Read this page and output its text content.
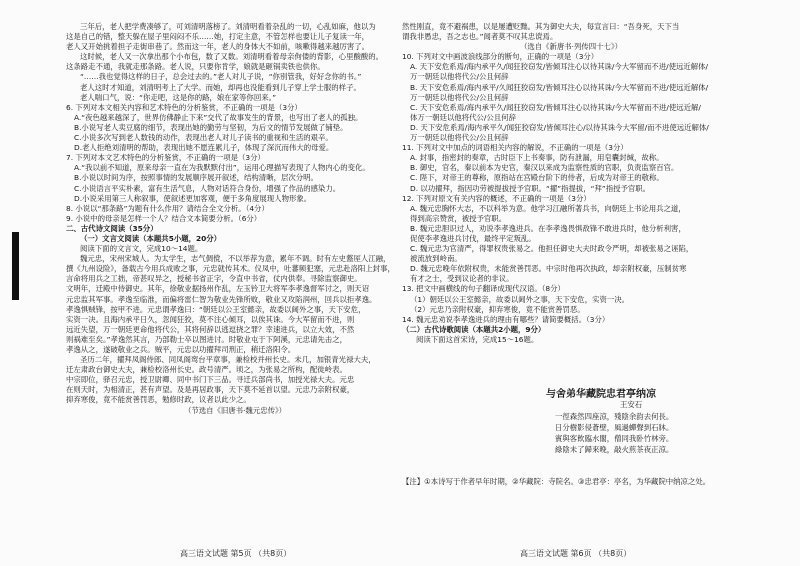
三年后，老人把学费凑够了，可刘清明落榜了。刘清明看着杂乱的一切，心乱如麻，他以为
这是自己的错，整天躲在屋子里闷闷不乐……她，打定主意，不管怎样也要让儿子复读一年，
老人又开始挑着担子走街串巷了。然而这一年，老人的身体大不如前，咳嗽得越来越厉害了。
这时候，老人又一次拿出那个小布包，数了又数。刘清明看着母亲佝偻的背影，心里酸酸的。
这条路走不通，我就走那条路。老人说，只要你肯学，娘就是砸锅卖铁也供你。
“……我也觉得这样的日子，总会过去的。”老人对儿子说，“你别管我，好好念你的书。”
老人这时才知道，刘清明考上了大学。而她，却再也没能看到儿子穿上学士服的样子。
老人喘口气，说：“你走吧，这是你的路，娘在家等你回来。”
6. 下列对本文相关内容和艺术特色的分析鉴赏，不正确的一项是（3分）
A.“夜色越来越深了，世界仿佛静止下来”交代了故事发生的背景，也写出了老人的孤独。
B.小说写老人卖豆腐的细节，表现出她的勤劳与坚韧，为后文的情节发展做了铺垫。
C.小说多次写到老人数钱的动作，表现出老人对儿子读书的重视和生活的艰辛。
D.老人拒绝刘清明的帮助，表现出她不愿连累儿子，体现了深沉而伟大的母爱。
7. 下列对本文艺术特色的分析鉴赏，不正确的一项是（3分）
A.“我以前不知道，原来母亲一直在为我默默付出”，运用心理描写表现了人物内心的变化。
B.小说以时间为序，按照事情的发展顺序展开叙述，结构清晰，层次分明。
C.小说语言平实朴素，富有生活气息，人物对话符合身份，增强了作品的感染力。
D.小说采用第三人称叙事，使叙述更加客观，便于多角度展现人物形象。
8. 小说以“那条路”为题有什么作用？请结合全文分析。（4分）
9. 小说中的母亲是怎样一个人？结合文本简要分析。（6分）
二、古代诗文阅读（35分）
（一）文言文阅读（本题共5小题，20分）
阅读下面的文言文，完成10～14题。
魏元忠，宋州宋城人。为太学生，志气倜傥，不以举荐为意，累年不调。时有左史盩厔人江融，
撰《九州设险》，备载古今用兵成败之事，元忠就传其术。仪凤中，吐蕃频犯塞，元忠赴洛阳上封事，
言命将用兵之工拙，帝甚叹异之，授秘书省正字，令直中书省，仗内供奉。寻除监察御史。
文明年，迁殿中侍御史。其年，徐敬业据扬州作乱，左玉钤卫大将军李孝逸督军讨之，则天诏
元忠监其军事。孝逸至临淮，而偏将雷仁智为敬业先锋所败，敬业又攻陷润州，回兵以拒孝逸。
孝逸惧贼锋，按甲不进。元忠谓孝逸曰：“朝廷以公王室懿亲，故委以阃外之事，天下安危，
实资一决。且海内承平日久，忽闻狂狡，莫不注心倾耳，以俟其诛。今大军留而不进，则
远近失望，万一朝廷更命他将代公，其将何辞以逃逗挠之罪？幸速进兵，以立大效，不然
则祸难至矣。”孝逸然其言，乃部勒士卒以图进讨。时敬业屯于下阿溪，元忠请先击之，
孝逸从之，遂破敬业之兵。贼平，元忠以功擢拜司刑正，稍迁洛阳令。
圣历二年，擢拜凤阁侍郎、同凤阁鸾台平章事，兼检校并州长史。未几，加银青光禄大夫，
迁左肃政台御史大夫，兼检校洛州长史。政号清严。顷之，为张易之所构，配徙岭表。
中宗即位，驿召元忠，授卫尉卿、同中书门下三品。寻迁兵部尚书，加授光禄大夫。元忠
在则天时，为相清正，甚有声望。及是再居政事，天下莫不延首以望。元忠乃亲附权豪，
抑弃寒俊，竟不能赏善罚恶，勉修时政，议者以此少之。
（节选自《旧唐书·魏元忠传》）
然性刚直，竟不避祸患，以是屡遭贬黜。其为御史大夫，每宣言曰：“吾身死，天下当
谓我非愚忠，吾之志也。”闻者莫不叹其忠谠焉。
（选自《新唐书·列传四十七》）
10. 下列对文中画波浪线部分的断句，正确的一项是（3分）
A. 天下安危系焉/海内承平久/闻狂狡窃发/皆倾耳注心以待其诛/今大军留而不进/使远近解体/
万一朝廷以他将代公/公且何辞
B. 天下安危系焉/海内承平/久闻狂狡窃发/皆倾耳注心以待其诛/今大军留而不进/使远近解体/
万一朝廷以他将代公/公且何辞
C. 天下安危系焉/海内承平久/闻狂狡窃发/皆倾耳注心以待其诛/今大军留而不进/使远近解/
体万一朝廷以他将代公/公且何辞
D. 天下安危系焉/海内承平久/闻狂狡窃发/皆倾耳注心/以待其诛今大军留/而不进使远近解体/
万一朝廷以他将代公/公且何辞
11. 下列对文中加点的词语相关内容的解说，不正确的一项是（3分）
A. 封事，指密封的奏章，古时臣下上书奏事，防有泄漏，用皂囊封缄，故称。
B. 御史，官名，秦以前本为史官，秦汉以来成为监察性质的官职，负责监察百官。
C. 陛下，对帝王的尊称，原指站在宫殿台阶下的侍者，后成为对帝王的敬称。
D. 以功擢拜，指因功劳被提拔授予官职。“擢”指提拔，“拜”指授予官职。
12. 下列对原文有关内容的概述，不正确的一项是（3分）
A. 魏元忠胸怀大志，不以科举为意。他学习江融所著兵书，向朝廷上书论用兵之道，
得到高宗赞赏，被授予官职。
B. 魏元忠胆识过人，劝说李孝逸进兵。在李孝逸畏惧敌锋不敢进兵时，他分析利害，
促使李孝逸进兵讨伐，最终平定叛乱。
C. 魏元忠为官清严，得罪权贵张易之。他担任御史大夫时政令严明，却被张易之诬陷，
被流放到岭南。
D. 魏元忠晚年依附权贵，未能赏善罚恶。中宗时他再次执政，却亲附权豪，压制贫寒
有才之士，受到议论者的非议。
13. 把文中画横线的句子翻译成现代汉语。（8分）
（1）朝廷以公王室懿亲，故委以阃外之事，天下安危，实资一决。
（2）元忠乃亲附权豪，抑弃寒俊，竟不能赏善罚恶。
14. 魏元忠劝说李孝逸进兵的理由有哪些？请简要概括。（3分）
（二）古代诗歌阅读（本题共2小题，9分）
阅读下面这首宋诗，完成15～16题。
与舍弟华藏院忠君亭纳凉
王安石
一徑森然四座涼，殘陰余韵去何長。
日分樹影侵蒼壁，風過蟬聲到石牀。
賓與客飲臨水閣，僧同我卧竹林旁。
綠陰未了歸來晚，敲火煎茶夜正涼。
【注】①本诗写于作者早年时期，②华藏院：寺院名。③忠君亭：亭名，为华藏院中纳凉之处。
高三语文试题 第5页 （共8页）	高三语文试题 第6页 （共8页）
